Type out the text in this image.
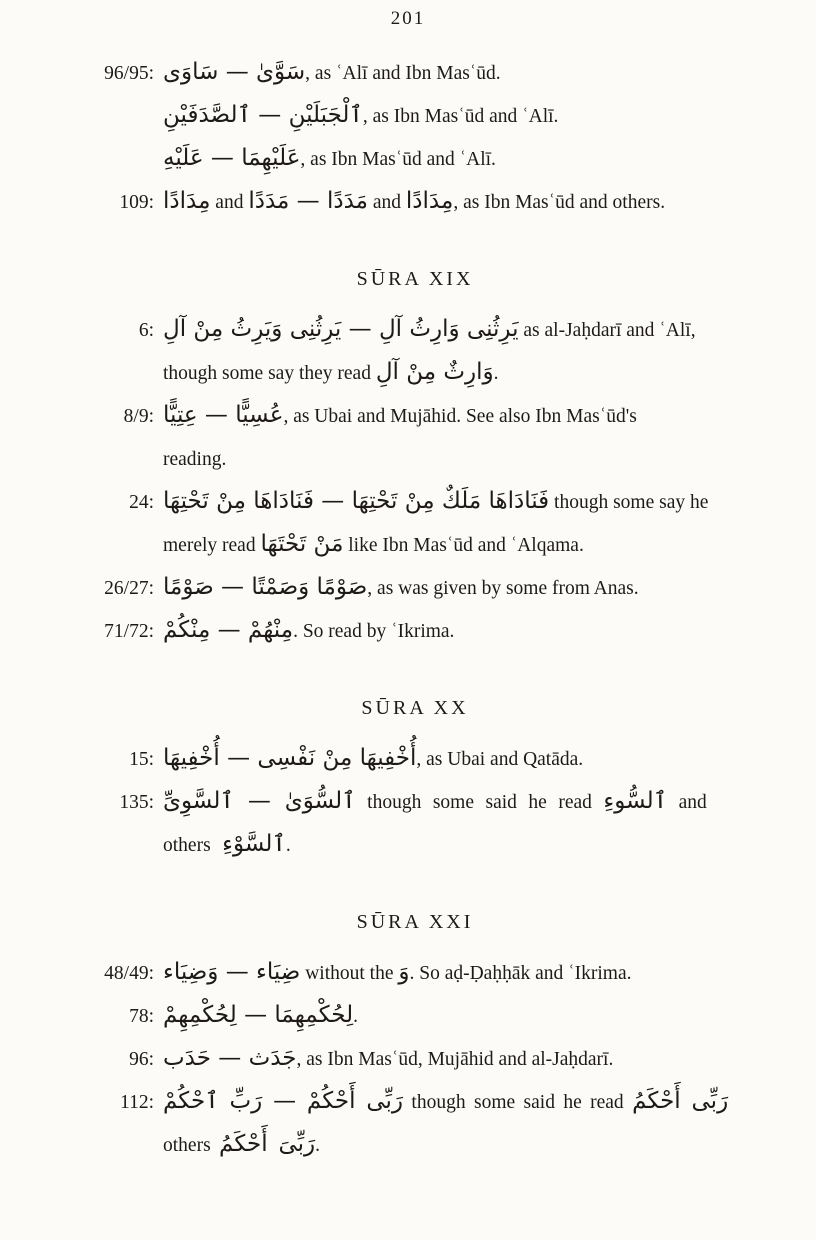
201
96/95: سَوَّىٰ — سَاوَى, as ʿAlī and Ibn Masʿūd.
ٱلْجَبَلَيْنِ — ٱلصَّدَفَيْنِ, as Ibn Masʿūd and ʿAlī.
عَلَيْهِمَا — عَلَيْهِ, as Ibn Masʿūd and ʿAlī.
109: مِدَادًا and مَدَدًا — مَدَدًا and مِدَادًا, as Ibn Masʿūd and others.
SŪRA XIX
6: يَرِثُنِى وَارِثُ آلِ — يَرِثُنِى وَيَرِثُ مِنْ آلِ as al-Jaḥdarī and ʿAlī,
though some say they read وَارِثٌ مِنْ آلِ.
8/9: عُسِيًّا — عِتِيًّا, as Ubai and Mujāhid. See also Ibn Masʿūd's
reading.
24: فَنَادَاهَا مَلَكٌ مِنْ تَحْتِهَا — فَنَادَاهَا مِنْ تَحْتِهَا though some say he
merely read مَنْ تَحْتَهَا like Ibn Masʿūd and ʿAlqama.
26/27: صَوْمًا وَصَمْتًا — صَوْمًا, as was given by some from Anas.
71/72: مِنْهُمْ — مِنْكُمْ. So read by ʿIkrima.
SŪRA XX
15: أُخْفِيهَا مِنْ نَفْسِى — أُخْفِيهَا, as Ubai and Qatāda.
135: ٱلسُّوَىٰ — ٱلسَّوِىِّ though some said he read ٱلسُّوءِ and
others ٱلسَّوْءِ.
SŪRA XXI
48/49: ضِيَاء — وَضِيَاء without the وَ. So aḍ-Ḍaḥḥāk and ʿIkrima.
78: لِحُكْمِهِمَا — لِحُكْمِهِمْ.
96: جَدَث — حَدَب, as Ibn Masʿūd, Mujāhid and al-Jaḥdarī.
112: رَبِّى أَحْكُمْ — رَبِّ ٱحْكُمْ though some said he read رَبِّى أَحْكَمُ
others رَبِّىَ أَحْكَمُ.
